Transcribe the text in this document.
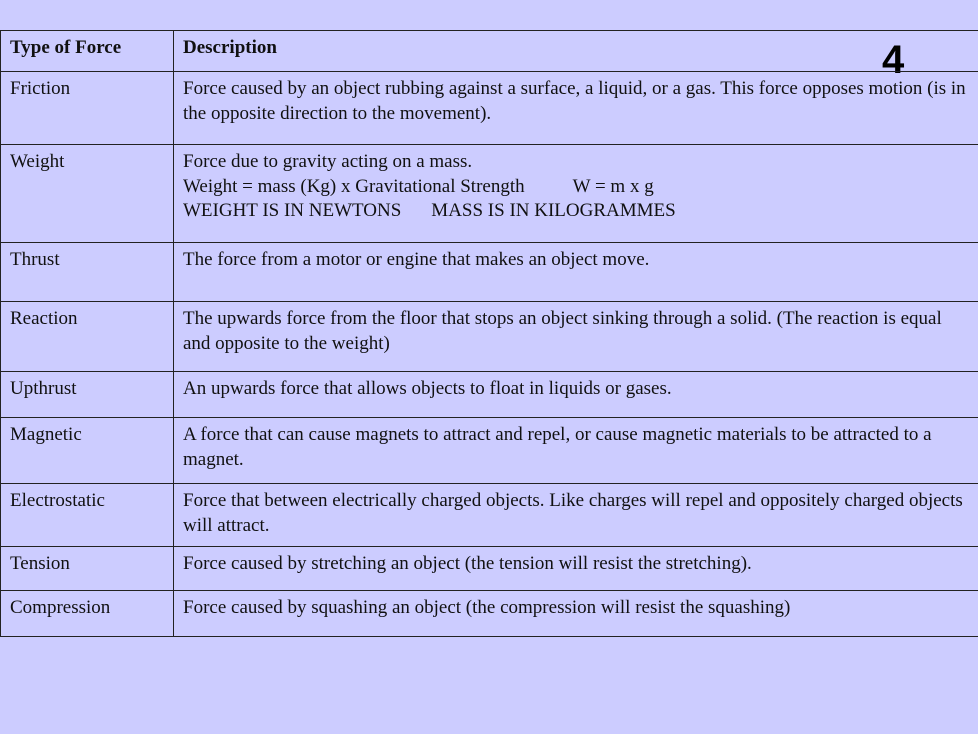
4
Type of Force	Description
Friction	Force caused by an object rubbing against a surface, a liquid, or a gas. This force opposes motion (is in the opposite direction to the movement).
Weight	Force due to gravity acting on a mass.
Weight = mass (Kg) x Gravitational Strength W = m x g
WEIGHT IS IN NEWTONS MASS IS IN KILOGRAMMES

Thrust	The force from a motor or engine that makes an object move.
Reaction	The upwards force from the floor that stops an object sinking through a solid. (The reaction is equal and opposite to the weight)
Upthrust	An upwards force that allows objects to float in liquids or gases.
Magnetic	A force that can cause magnets to attract and repel, or cause magnetic materials to be attracted to a magnet.
Electrostatic	Force that between electrically charged objects. Like charges will repel and oppositely charged objects will attract.
Tension	Force caused by stretching an object (the tension will resist the stretching).
Compression	Force caused by squashing an object (the compression will resist the squashing)
